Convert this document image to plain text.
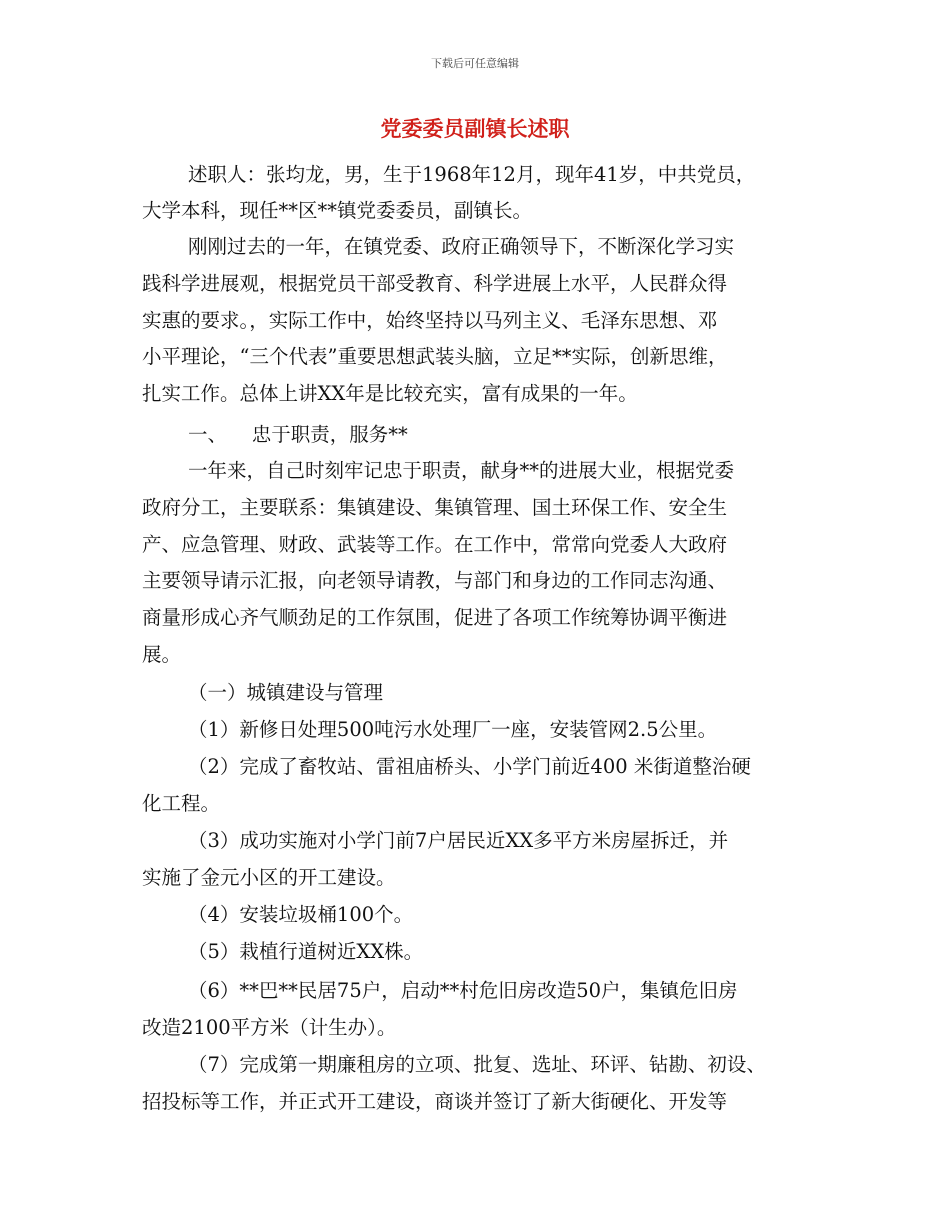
下载后可任意编辑
党委委员副镇长述职
述职人：张均龙，男，生于1968年12月，现年41岁，中共党员，
大学本科，现任**区**镇党委委员，副镇长。
刚刚过去的一年，在镇党委、政府正确领导下，不断深化学习实
践科学进展观，根据党员干部受教育、科学进展上水平，人民群众得
实惠的要求。，实际工作中，始终坚持以马列主义、毛泽东思想、邓
小平理论，“三个代表”重要思想武装头脑，立足**实际，创新思维，
扎实工作。总体上讲XX年是比较充实，富有成果的一年。
一、    忠于职责，服务**
一年来，自己时刻牢记忠于职责，献身**的进展大业，根据党委
政府分工，主要联系：集镇建设、集镇管理、国土环保工作、安全生
产、应急管理、财政、武装等工作。在工作中，常常向党委人大政府
主要领导请示汇报，向老领导请教，与部门和身边的工作同志沟通、
商量形成心齐气顺劲足的工作氛围，促进了各项工作统筹协调平衡进
展。
（一）城镇建设与管理
（1）新修日处理500吨污水处理厂一座，安装管网2.5公里。
（2）完成了畜牧站、雷祖庙桥头、小学门前近400 米街道整治硬
化工程。
（3）成功实施对小学门前7户居民近XX多平方米房屋拆迁，并
实施了金元小区的开工建设。
（4）安装垃圾桶100个。
（5）栽植行道树近XX株。
（6）**巴**民居75户，启动**村危旧房改造50户，集镇危旧房
改造2100平方米（计生办）。
（7）完成第一期廉租房的立项、批复、选址、环评、钻勘、初设、
招投标等工作，并正式开工建设，商谈并签订了新大街硬化、开发等
